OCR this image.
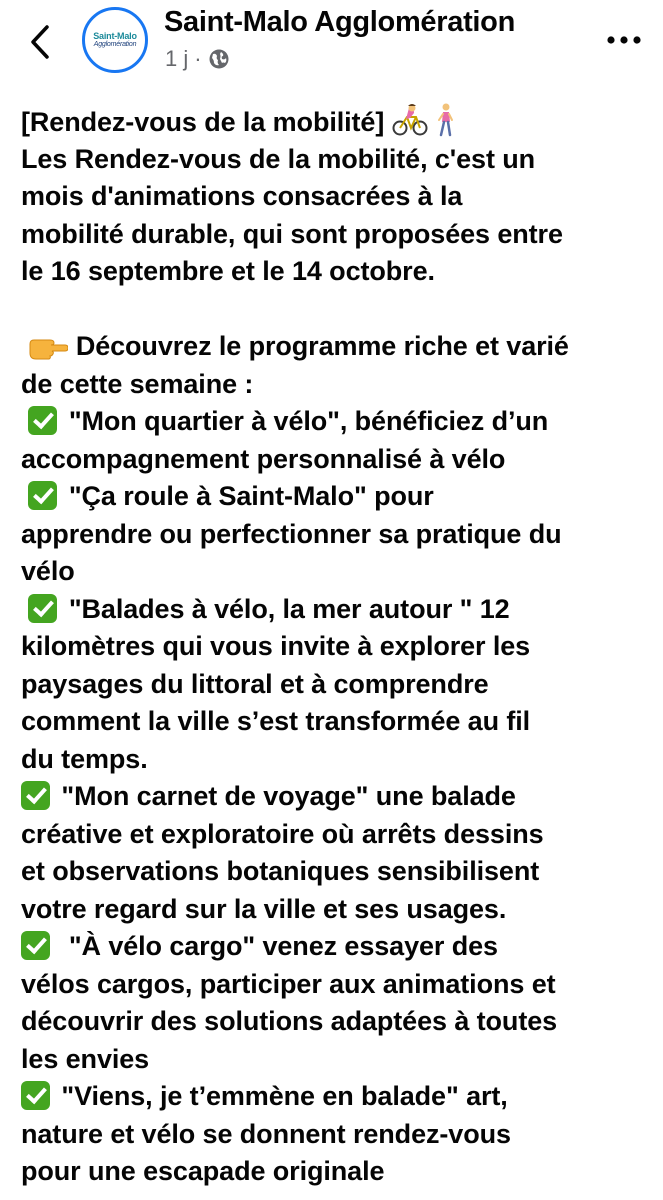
Saint-Malo
Agglomération
Saint-Malo Agglomération
1 j ·
[Rendez-vous de la mobilité]
Les Rendez-vous de la mobilité, c'est un
mois d'animations consacrées à la
mobilité durable, qui sont proposées entre
le 16 septembre et le 14 octobre.
Découvrez le programme riche et varié
de cette semaine :
"Mon quartier à vélo", bénéficiez d’un
accompagnement personnalisé à vélo
"Ça roule à Saint-Malo" pour
apprendre ou perfectionner sa pratique du
vélo
"Balades à vélo, la mer autour " 12
kilomètres qui vous invite à explorer les
paysages du littoral et à comprendre
comment la ville s’est transformée au fil
du temps.
"Mon carnet de voyage" une balade
créative et exploratoire où arrêts dessins
et observations botaniques sensibilisent
votre regard sur la ville et ses usages.
"À vélo cargo" venez essayer des
vélos cargos, participer aux animations et
découvrir des solutions adaptées à toutes
les envies
"Viens, je t’emmène en balade" art,
nature et vélo se donnent rendez-vous
pour une escapade originale
